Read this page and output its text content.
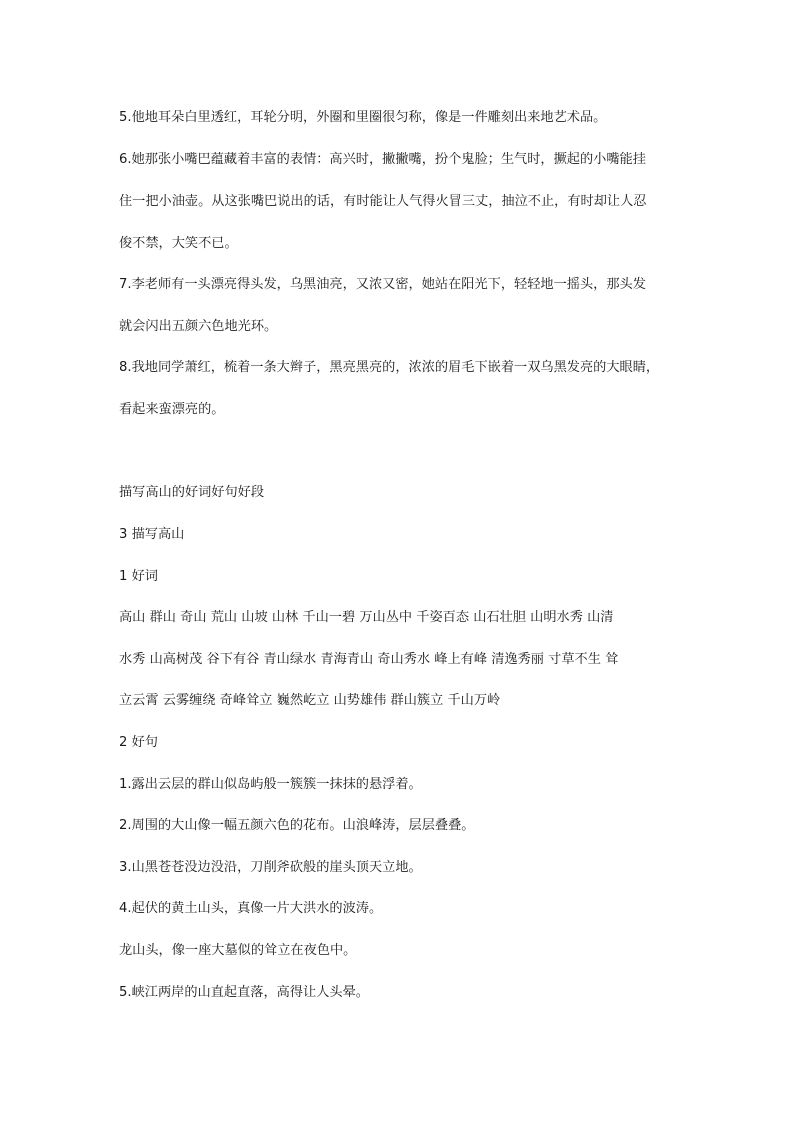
5.他地耳朵白里透红，耳轮分明，外圈和里圈很匀称，像是一件雕刻出来地艺术品。
6.她那张小嘴巴蕴藏着丰富的表情：高兴时，撇撇嘴，扮个鬼脸；生气时，撅起的小嘴能挂
住一把小油壶。从这张嘴巴说出的话，有时能让人气得火冒三丈，抽泣不止，有时却让人忍
俊不禁，大笑不已。
7.李老师有一头漂亮得头发，乌黑油亮，又浓又密，她站在阳光下，轻轻地一摇头，那头发
就会闪出五颜六色地光环。
8.我地同学萧红，梳着一条大辫子，黑亮黑亮的，浓浓的眉毛下嵌着一双乌黑发亮的大眼睛，
看起来蛮漂亮的。
描写高山的好词好句好段
3 描写高山
1 好词
高山 群山 奇山 荒山 山坡 山林 千山一碧 万山丛中 千姿百态 山石壮胆 山明水秀 山清
水秀 山高树茂 谷下有谷 青山绿水 青海青山 奇山秀水 峰上有峰 清逸秀丽 寸草不生 耸
立云霄 云雾缠绕 奇峰耸立 巍然屹立 山势雄伟 群山簇立 千山万岭
2 好句
1.露出云层的群山似岛屿般一簇簇一抹抹的悬浮着。
2.周围的大山像一幅五颜六色的花布。山浪峰涛，层层叠叠。
3.山黑苍苍没边没沿，刀削斧砍般的崖头顶天立地。
4.起伏的黄土山头，真像一片大洪水的波涛。
龙山头，像一座大墓似的耸立在夜色中。
5.峡江两岸的山直起直落，高得让人头晕。
